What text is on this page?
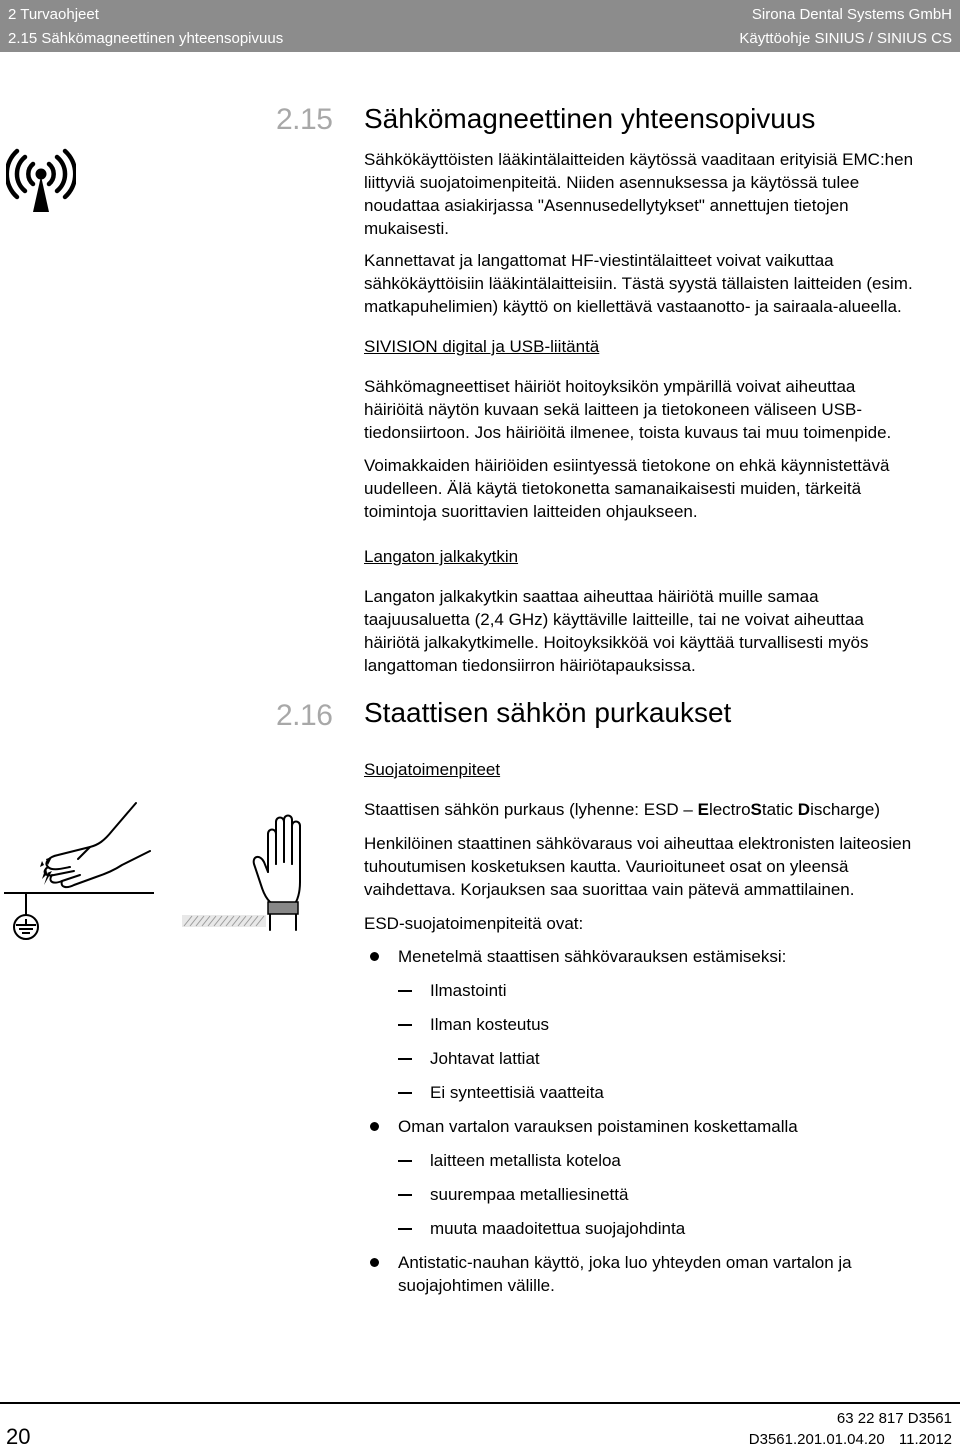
2 Turvaohjeet
2.15 Sähkömagneettinen yhteensopivuus
Sirona Dental Systems GmbH
Käyttöohje SINIUS / SINIUS CS
2.15 Sähkömagneettinen yhteensopivuus
Sähkökäyttöisten lääkintälaitteiden käytössä vaaditaan erityisiä EMC:hen
liittyviä suojatoimenpiteitä. Niiden asennuksessa ja käytössä tulee
noudattaa asiakirjassa "Asennusedellytykset" annettujen tietojen
mukaisesti.
Kannettavat ja langattomat HF-viestintälaitteet voivat vaikuttaa
sähkökäyttöisiin lääkintälaitteisiin. Tästä syystä tällaisten laitteiden (esim.
matkapuhelimien) käyttö on kiellettävä vastaanotto- ja sairaala-alueella.
SIVISION digital ja USB-liitäntä
Sähkömagneettiset häiriöt hoitoyksikön ympärillä voivat aiheuttaa
häiriöitä näytön kuvaan sekä laitteen ja tietokoneen väliseen USB-
tiedonsiirtoon. Jos häiriöitä ilmenee, toista kuvaus tai muu toimenpide.
Voimakkaiden häiriöiden esiintyessä tietokone on ehkä käynnistettävä
uudelleen. Älä käytä tietokonetta samanaikaisesti muiden, tärkeitä
toimintoja suorittavien laitteiden ohjaukseen.
Langaton jalkakytkin
Langaton jalkakytkin saattaa aiheuttaa häiriötä muille samaa
taajuusaluetta (2,4 GHz) käyttäville laitteille, tai ne voivat aiheuttaa
häiriötä jalkakytkimelle. Hoitoyksikköä voi käyttää turvallisesti myös
langattoman tiedonsiirron häiriötapauksissa.
2.16 Staattisen sähkön purkaukset
Suojatoimenpiteet
Staattisen sähkön purkaus (lyhenne: ESD – ElectroStatic Discharge)
Henkilöinen staattinen sähkövaraus voi aiheuttaa elektronisten laiteosien
tuhoutumisen kosketuksen kautta. Vaurioituneet osat on yleensä
vaihdettava. Korjauksen saa suorittaa vain pätevä ammattilainen.
ESD-suojatoimenpiteitä ovat:
Menetelmä staattisen sähkövarauksen estämiseksi:
Ilmastointi
Ilman kosteutus
Johtavat lattiat
Ei synteettisiä vaatteita
Oman vartalon varauksen poistaminen koskettamalla
laitteen metallista koteloa
suurempaa metalliesinettä
muuta maadoitettua suojajohdinta
Antistatic-nauhan käyttö, joka luo yhteyden oman vartalon ja
suojajohtimen välille.
20
63 22 817 D3561
D3561.201.01.04.20 11.2012
